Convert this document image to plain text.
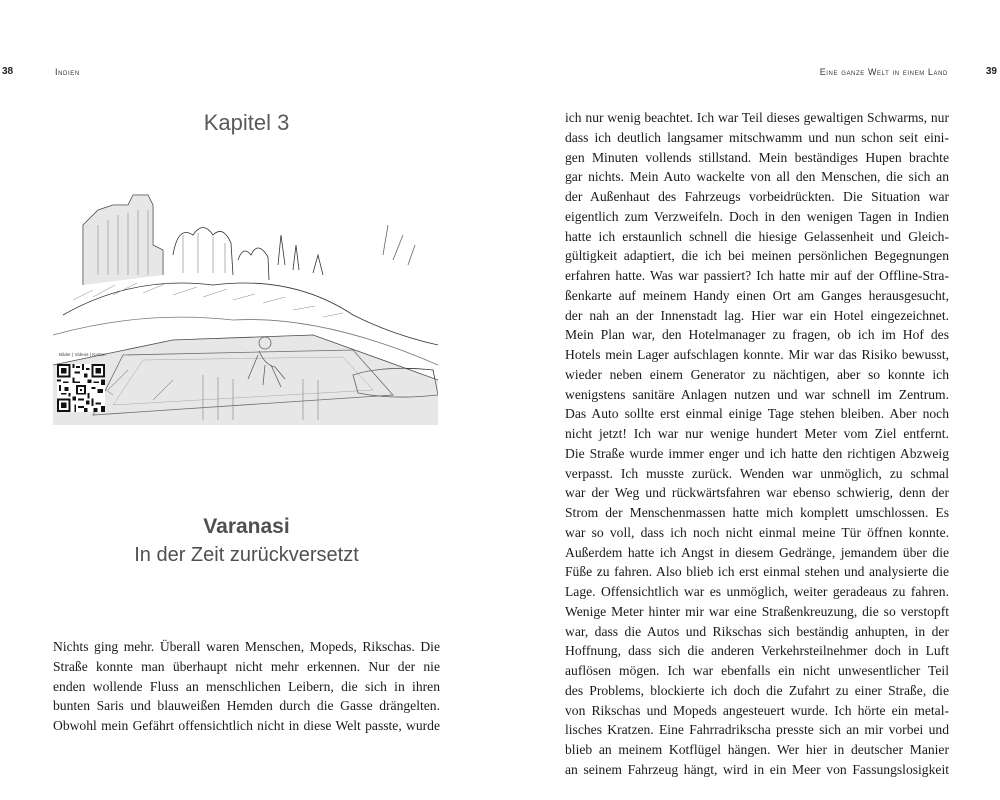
38	Indien
Kapitel 3
Bilder | Videos | Karten
Varanasi
In der Zeit zurückversetzt
Nichts ging mehr. Überall waren Menschen, Mopeds, Rikschas. Die
Straße konnte man überhaupt nicht mehr erkennen. Nur der nie
enden wollende Fluss an menschlichen Leibern, die sich in ihren
bunten Saris und blauweißen Hemden durch die Gasse drängelten.
Obwohl mein Gefährt offensichtlich nicht in diese Welt passte, wurde
Eine ganze Welt in einem Land	39
ich nur wenig beachtet. Ich war Teil dieses gewaltigen Schwarms, nur
dass ich deutlich langsamer mitschwamm und nun schon seit eini-
gen Minuten vollends stillstand. Mein beständiges Hupen brachte
gar nichts. Mein Auto wackelte von all den Menschen, die sich an
der Außenhaut des Fahrzeugs vorbeidrückten. Die Situation war
eigentlich zum Verzweifeln. Doch in den wenigen Tagen in Indien
hatte ich erstaunlich schnell die hiesige Gelassenheit und Gleich-
gültigkeit adaptiert, die ich bei meinen persönlichen Begegnungen
erfahren hatte. Was war passiert? Ich hatte mir auf der Offline-Stra-
ßenkarte auf meinem Handy einen Ort am Ganges herausgesucht,
der nah an der Innenstadt lag. Hier war ein Hotel eingezeichnet.
Mein Plan war, den Hotelmanager zu fragen, ob ich im Hof des
Hotels mein Lager aufschlagen konnte. Mir war das Risiko bewusst,
wieder neben einem Generator zu nächtigen, aber so konnte ich
wenigstens sanitäre Anlagen nutzen und war schnell im Zentrum.
Das Auto sollte erst einmal einige Tage stehen bleiben. Aber noch
nicht jetzt! Ich war nur wenige hundert Meter vom Ziel entfernt.
Die Straße wurde immer enger und ich hatte den richtigen Abzweig
verpasst. Ich musste zurück. Wenden war unmöglich, zu schmal
war der Weg und rückwärtsfahren war ebenso schwierig, denn der
Strom der Menschenmassen hatte mich komplett umschlossen. Es
war so voll, dass ich noch nicht einmal meine Tür öffnen konnte.
Außerdem hatte ich Angst in diesem Gedränge, jemandem über die
Füße zu fahren. Also blieb ich erst einmal stehen und analysierte die
Lage. Offensichtlich war es unmöglich, weiter geradeaus zu fahren.
Wenige Meter hinter mir war eine Straßenkreuzung, die so verstopft
war, dass die Autos und Rikschas sich beständig anhupten, in der
Hoffnung, dass sich die anderen Verkehrsteilnehmer doch in Luft
auflösen mögen. Ich war ebenfalls ein nicht unwesentlicher Teil
des Problems, blockierte ich doch die Zufahrt zu einer Straße, die
von Rikschas und Mopeds angesteuert wurde. Ich hörte ein metal-
lisches Kratzen. Eine Fahrradrikscha presste sich an mir vorbei und
blieb an meinem Kotflügel hängen. Wer hier in deutscher Manier
an seinem Fahrzeug hängt, wird in ein Meer von Fassungslosigkeit
